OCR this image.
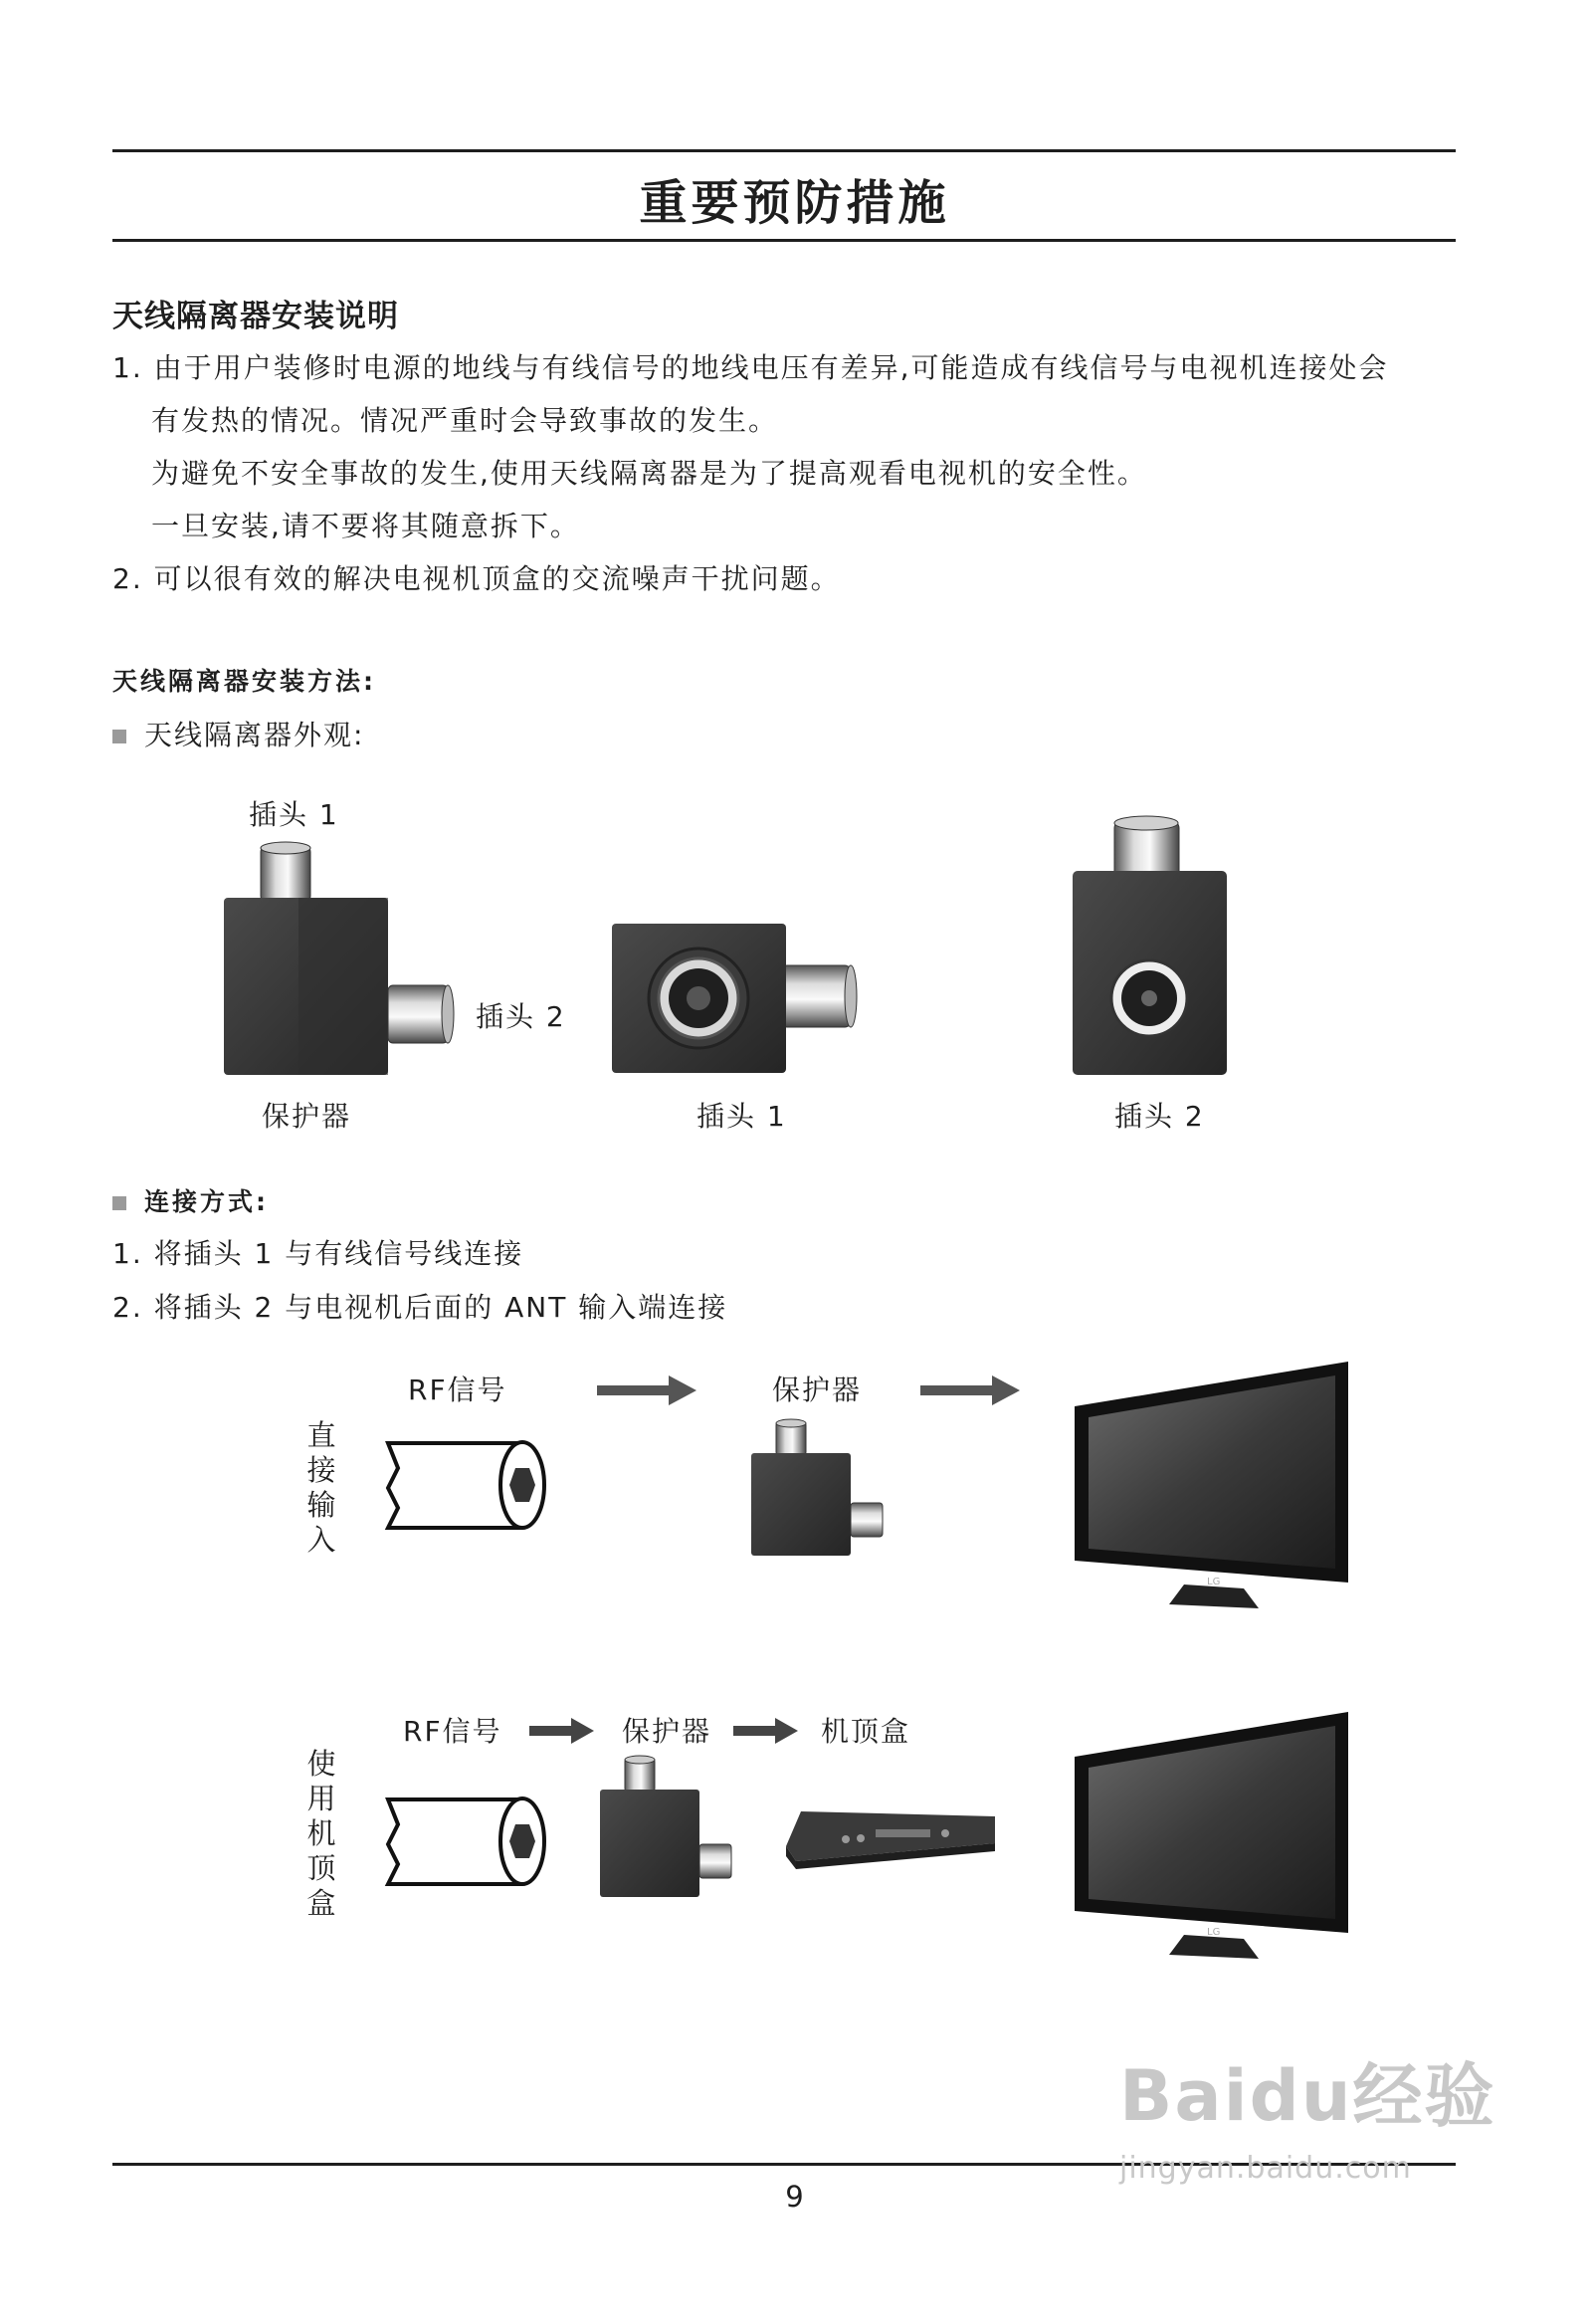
重要预防措施
天线隔离器安装说明
1. 由于用户装修时电源的地线与有线信号的地线电压有差异,可能造成有线信号与电视机连接处会
有发热的情况。情况严重时会导致事故的发生。
为避免不安全事故的发生,使用天线隔离器是为了提高观看电视机的安全性。
一旦安装,请不要将其随意拆下。
2. 可以很有效的解决电视机顶盒的交流噪声干扰问题。
天线隔离器安装方法:
天线隔离器外观:
插头 1
插头 2
保护器	插头 1	插头 2
连接方式:
1. 将插头 1 与有线信号线连接
2. 将插头 2 与电视机后面的 ANT 输入端连接
直
接
输
入
RF信号	保护器
LG
使
用
机
顶
盒
RF信号	保护器	机顶盒
LG
9
Baidu经验
jingyan.baidu.com
